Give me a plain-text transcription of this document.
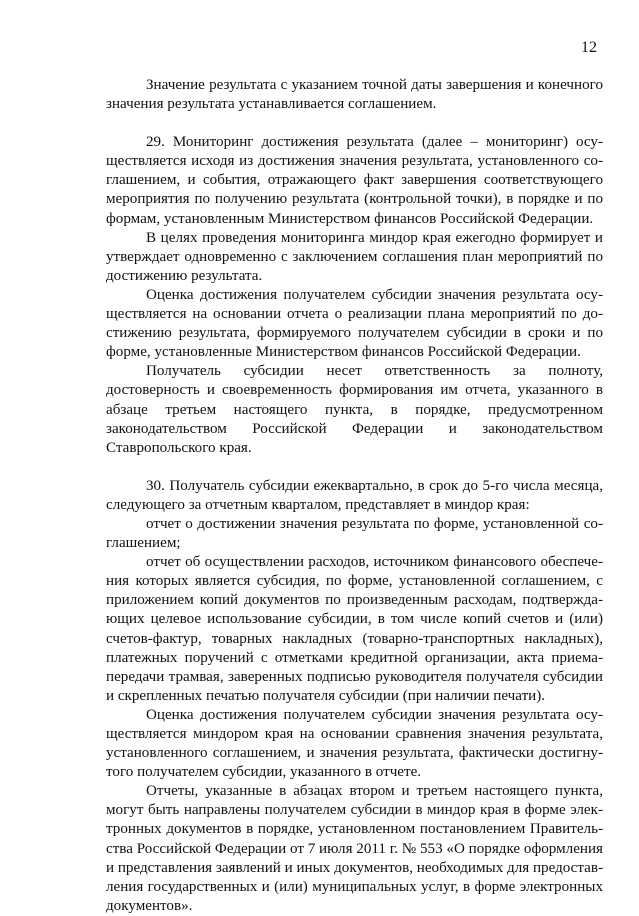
12

Значение результата с указанием точной даты завершения и конечного значения результата устанавливается соглашением.

29. Мониторинг достижения результата (далее – мониторинг) осуществляется исходя из достижения значения результата, установленного соглашением, и события, отражающего факт завершения соответствующего мероприятия по получению результата (контрольной точки), в порядке и по формам, установленным Министерством финансов Российской Федерации.

В целях проведения мониторинга миндор края ежегодно формирует и утверждает одновременно с заключением соглашения план мероприятий по достижению результата.

Оценка достижения получателем субсидии значения результата осуществляется на основании отчета о реализации плана мероприятий по достижению результата, формируемого получателем субсидии в сроки и по форме, установленные Министерством финансов Российской Федерации.

Получатель субсидии несет ответственность за полноту, достоверность и своевременность формирования им отчета, указанного в абзаце третьем настоящего пункта, в порядке, предусмотренном законодательством Российской Федерации и законодательством Ставропольского края.

30. Получатель субсидии ежеквартально, в срок до 5-го числа месяца, следующего за отчетным кварталом, представляет в миндор края:

отчет о достижении значения результата по форме, установленной соглашением;

отчет об осуществлении расходов, источником финансового обеспечения которых является субсидия, по форме, установленной соглашением, с приложением копий документов по произведенным расходам, подтверждающих целевое использование субсидии, в том числе копий счетов и (или) счетов-фактур, товарных накладных (товарно-транспортных накладных), платежных поручений с отметками кредитной организации, акта приема-передачи трамвая, заверенных подписью руководителя получателя субсидии и скрепленных печатью получателя субсидии (при наличии печати).

Оценка достижения получателем субсидии значения результата осуществляется миндором края на основании сравнения значения результата, установленного соглашением, и значения результата, фактически достигнутого получателем субсидии, указанного в отчете.

Отчеты, указанные в абзацах втором и третьем настоящего пункта, могут быть направлены получателем субсидии в миндор края в форме электронных документов в порядке, установленном постановлением Правительства Российской Федерации от 7 июля 2011 г. № 553 «О порядке оформления и представления заявлений и иных документов, необходимых для предоставления государственных и (или) муниципальных услуг, в форме электронных документов».
